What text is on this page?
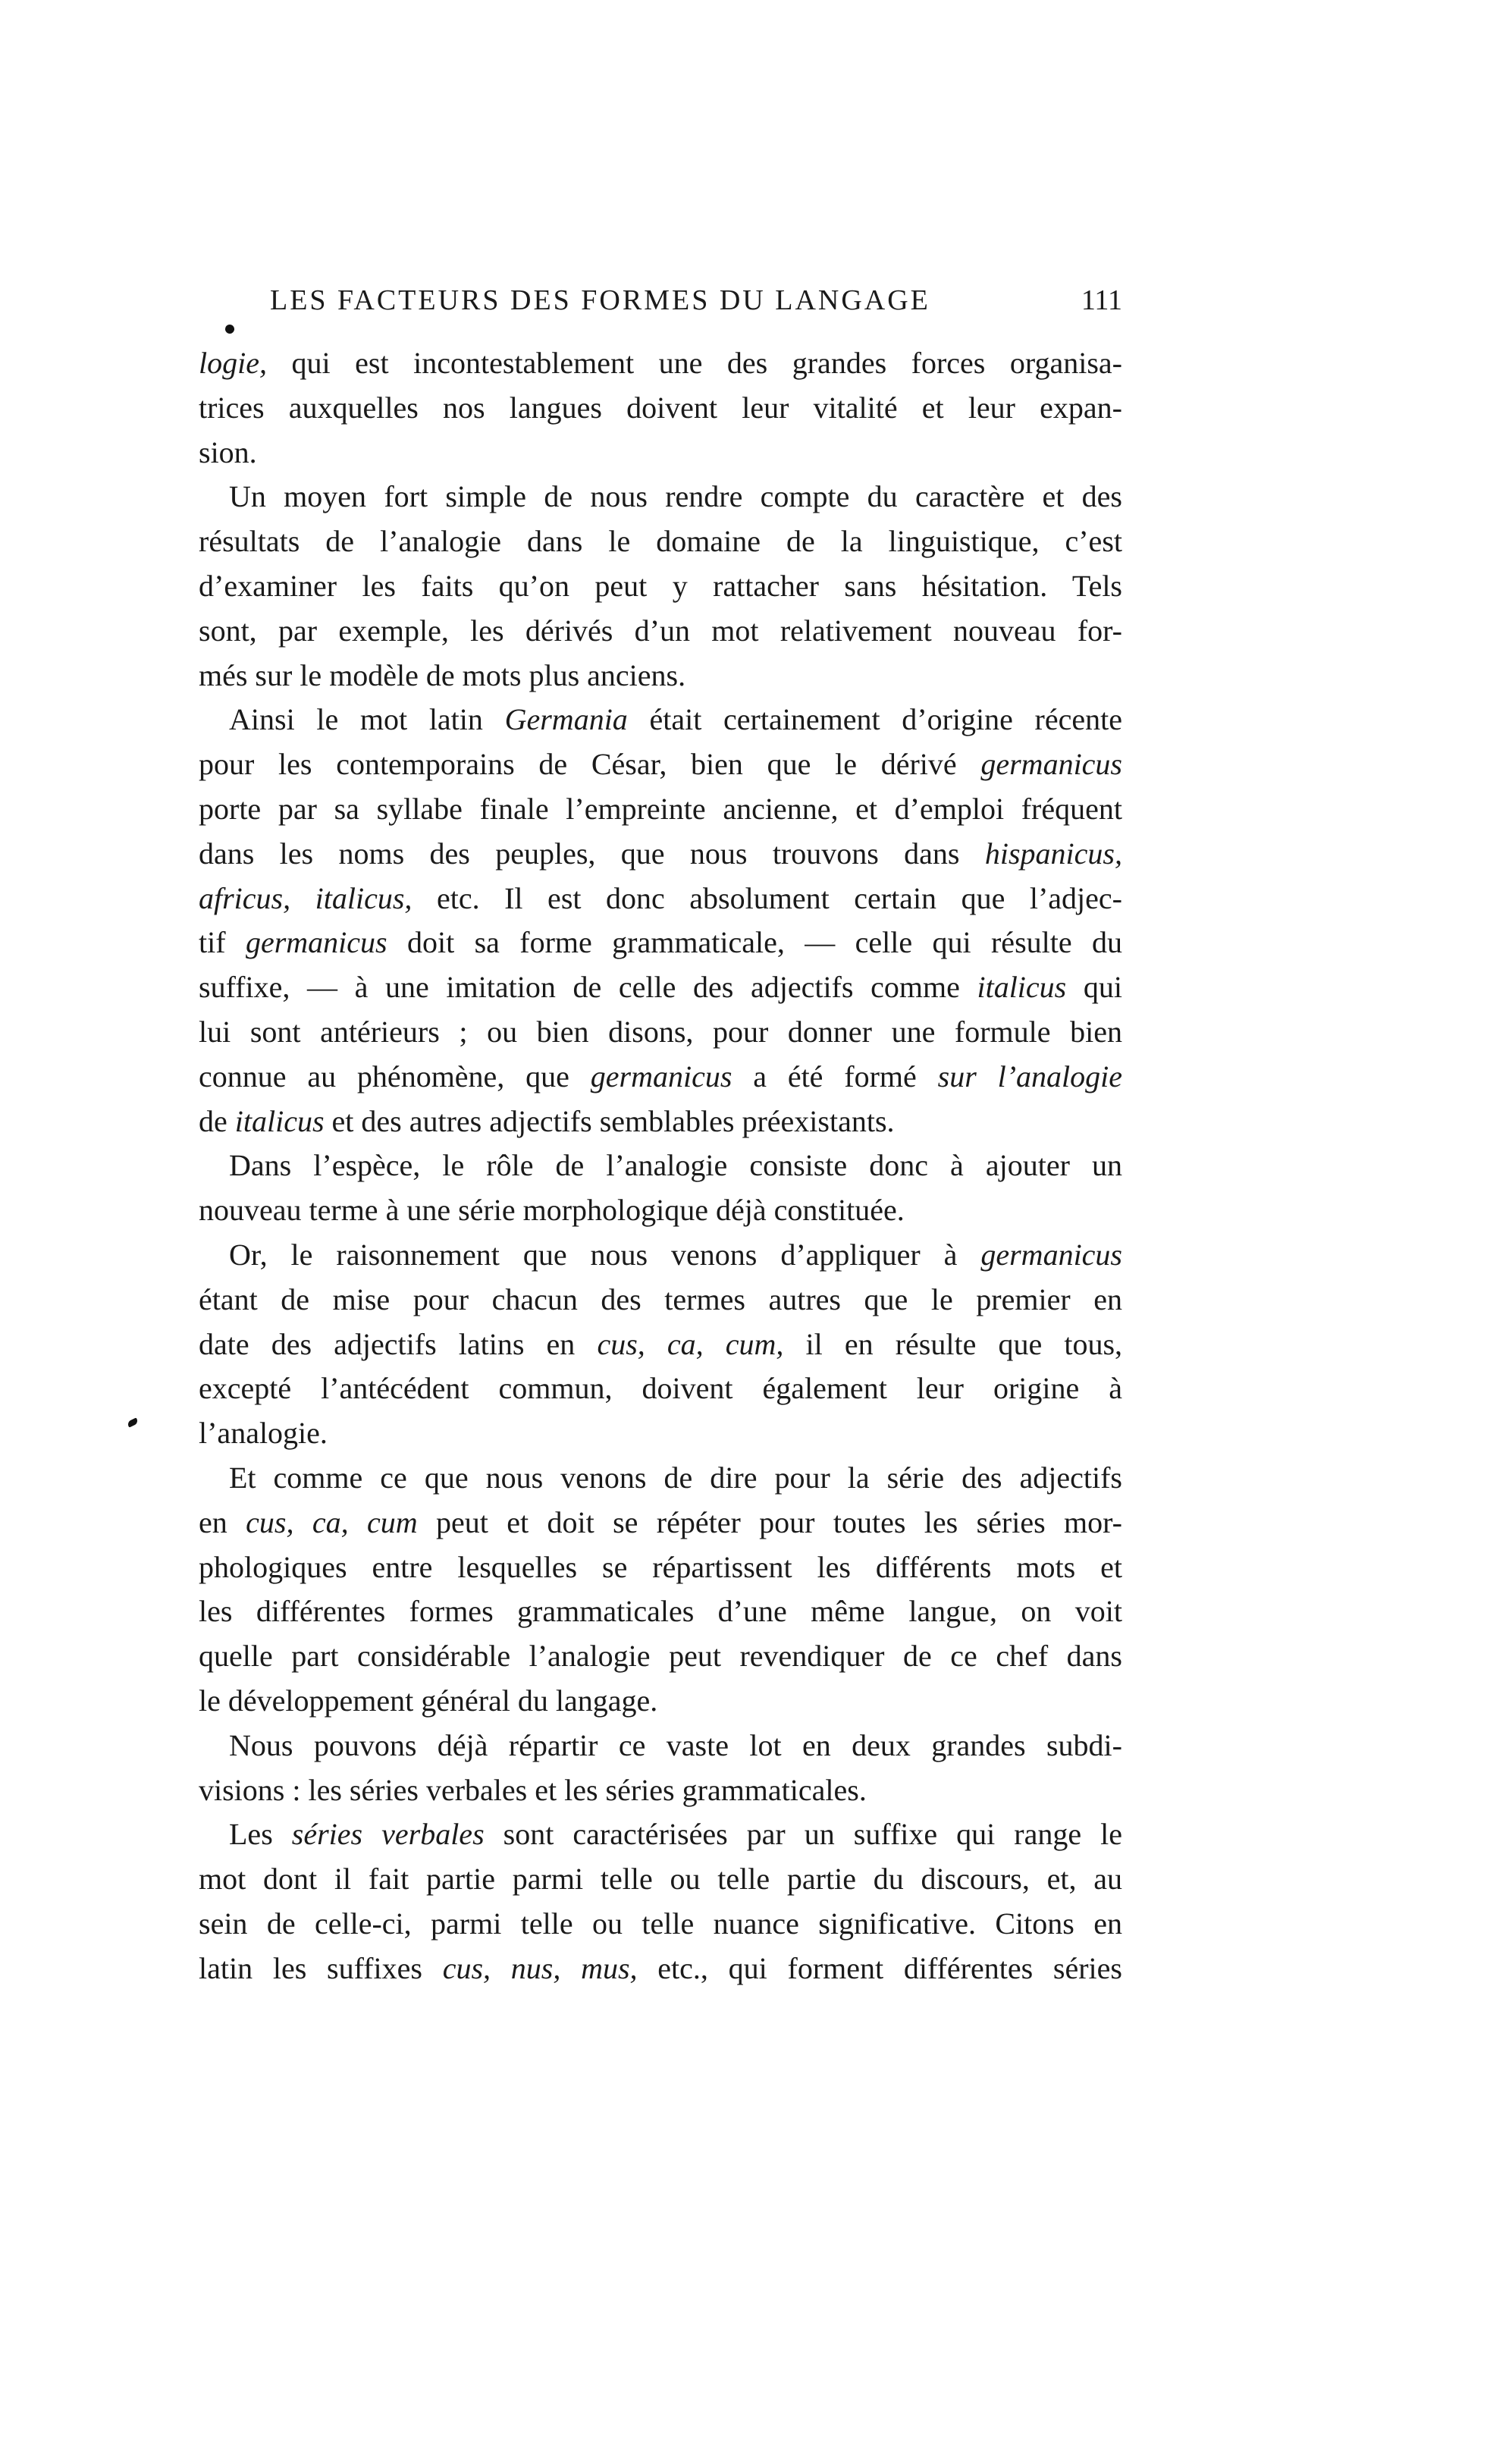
LES FACTEURS DES FORMES DU LANGAGE	111
logie, qui est incontestablement une des grandes forces organisa-
trices auxquelles nos langues doivent leur vitalité et leur expan-
sion.
Un moyen fort simple de nous rendre compte du caractère et des
résultats de l’analogie dans le domaine de la linguistique, c’est
d’examiner les faits qu’on peut y rattacher sans hésitation. Tels
sont, par exemple, les dérivés d’un mot relativement nouveau for-
més sur le modèle de mots plus anciens.
Ainsi le mot latin Germania était certainement d’origine récente
pour les contemporains de César, bien que le dérivé germanicus
porte par sa syllabe finale l’empreinte ancienne, et d’emploi fréquent
dans les noms des peuples, que nous trouvons dans hispanicus,
africus, italicus, etc. Il est donc absolument certain que l’adjec-
tif germanicus doit sa forme grammaticale, — celle qui résulte du
suffixe, — à une imitation de celle des adjectifs comme italicus qui
lui sont antérieurs ; ou bien disons, pour donner une formule bien
connue au phénomène, que germanicus a été formé sur l’analogie
de italicus et des autres adjectifs semblables préexistants.
Dans l’espèce, le rôle de l’analogie consiste donc à ajouter un
nouveau terme à une série morphologique déjà constituée.
Or, le raisonnement que nous venons d’appliquer à germanicus
étant de mise pour chacun des termes autres que le premier en
date des adjectifs latins en cus, ca, cum, il en résulte que tous,
excepté l’antécédent commun, doivent également leur origine à
l’analogie.
Et comme ce que nous venons de dire pour la série des adjectifs
en cus, ca, cum peut et doit se répéter pour toutes les séries mor-
phologiques entre lesquelles se répartissent les différents mots et
les différentes formes grammaticales d’une même langue, on voit
quelle part considérable l’analogie peut revendiquer de ce chef dans
le développement général du langage.
Nous pouvons déjà répartir ce vaste lot en deux grandes subdi-
visions : les séries verbales et les séries grammaticales.
Les séries verbales sont caractérisées par un suffixe qui range le
mot dont il fait partie parmi telle ou telle partie du discours, et, au
sein de celle-ci, parmi telle ou telle nuance significative. Citons en
latin les suffixes cus, nus, mus, etc., qui forment différentes séries
